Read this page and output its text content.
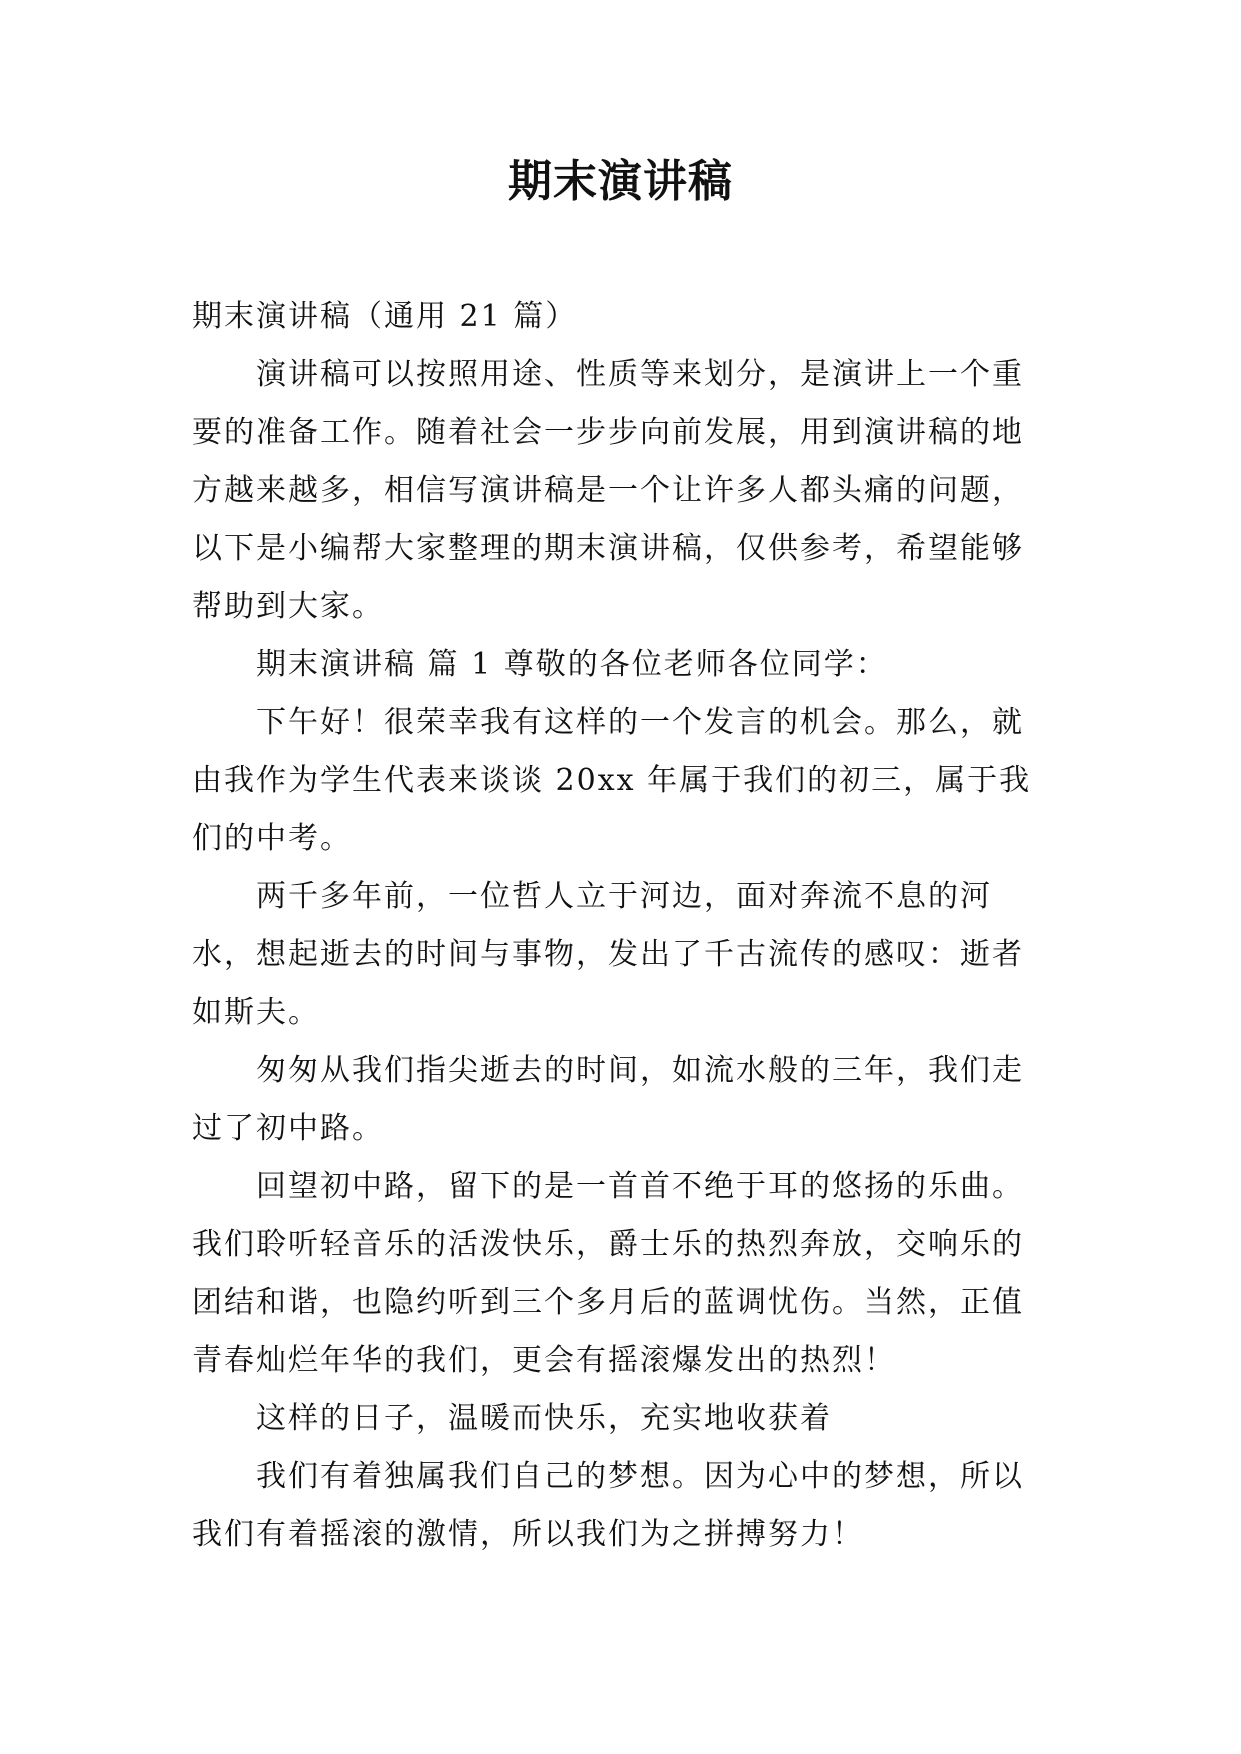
期末演讲稿

期末演讲稿（通用 21 篇）

演讲稿可以按照用途、性质等来划分，是演讲上一个重要的准备工作。随着社会一步步向前发展，用到演讲稿的地方越来越多，相信写演讲稿是一个让许多人都头痛的问题，以下是小编帮大家整理的期末演讲稿，仅供参考，希望能够帮助到大家。

期末演讲稿 篇 1 尊敬的各位老师各位同学：

下午好！很荣幸我有这样的一个发言的机会。那么，就由我作为学生代表来谈谈 20xx 年属于我们的初三，属于我们的中考。

两千多年前，一位哲人立于河边，面对奔流不息的河水，想起逝去的时间与事物，发出了千古流传的感叹：逝者如斯夫。

匆匆从我们指尖逝去的时间，如流水般的三年，我们走过了初中路。

回望初中路，留下的是一首首不绝于耳的悠扬的乐曲。我们聆听轻音乐的活泼快乐，爵士乐的热烈奔放，交响乐的团结和谐，也隐约听到三个多月后的蓝调忧伤。当然，正值青春灿烂年华的我们，更会有摇滚爆发出的热烈！

这样的日子，温暖而快乐，充实地收获着

我们有着独属我们自己的梦想。因为心中的梦想，所以我们有着摇滚的激情，所以我们为之拼搏努力！
